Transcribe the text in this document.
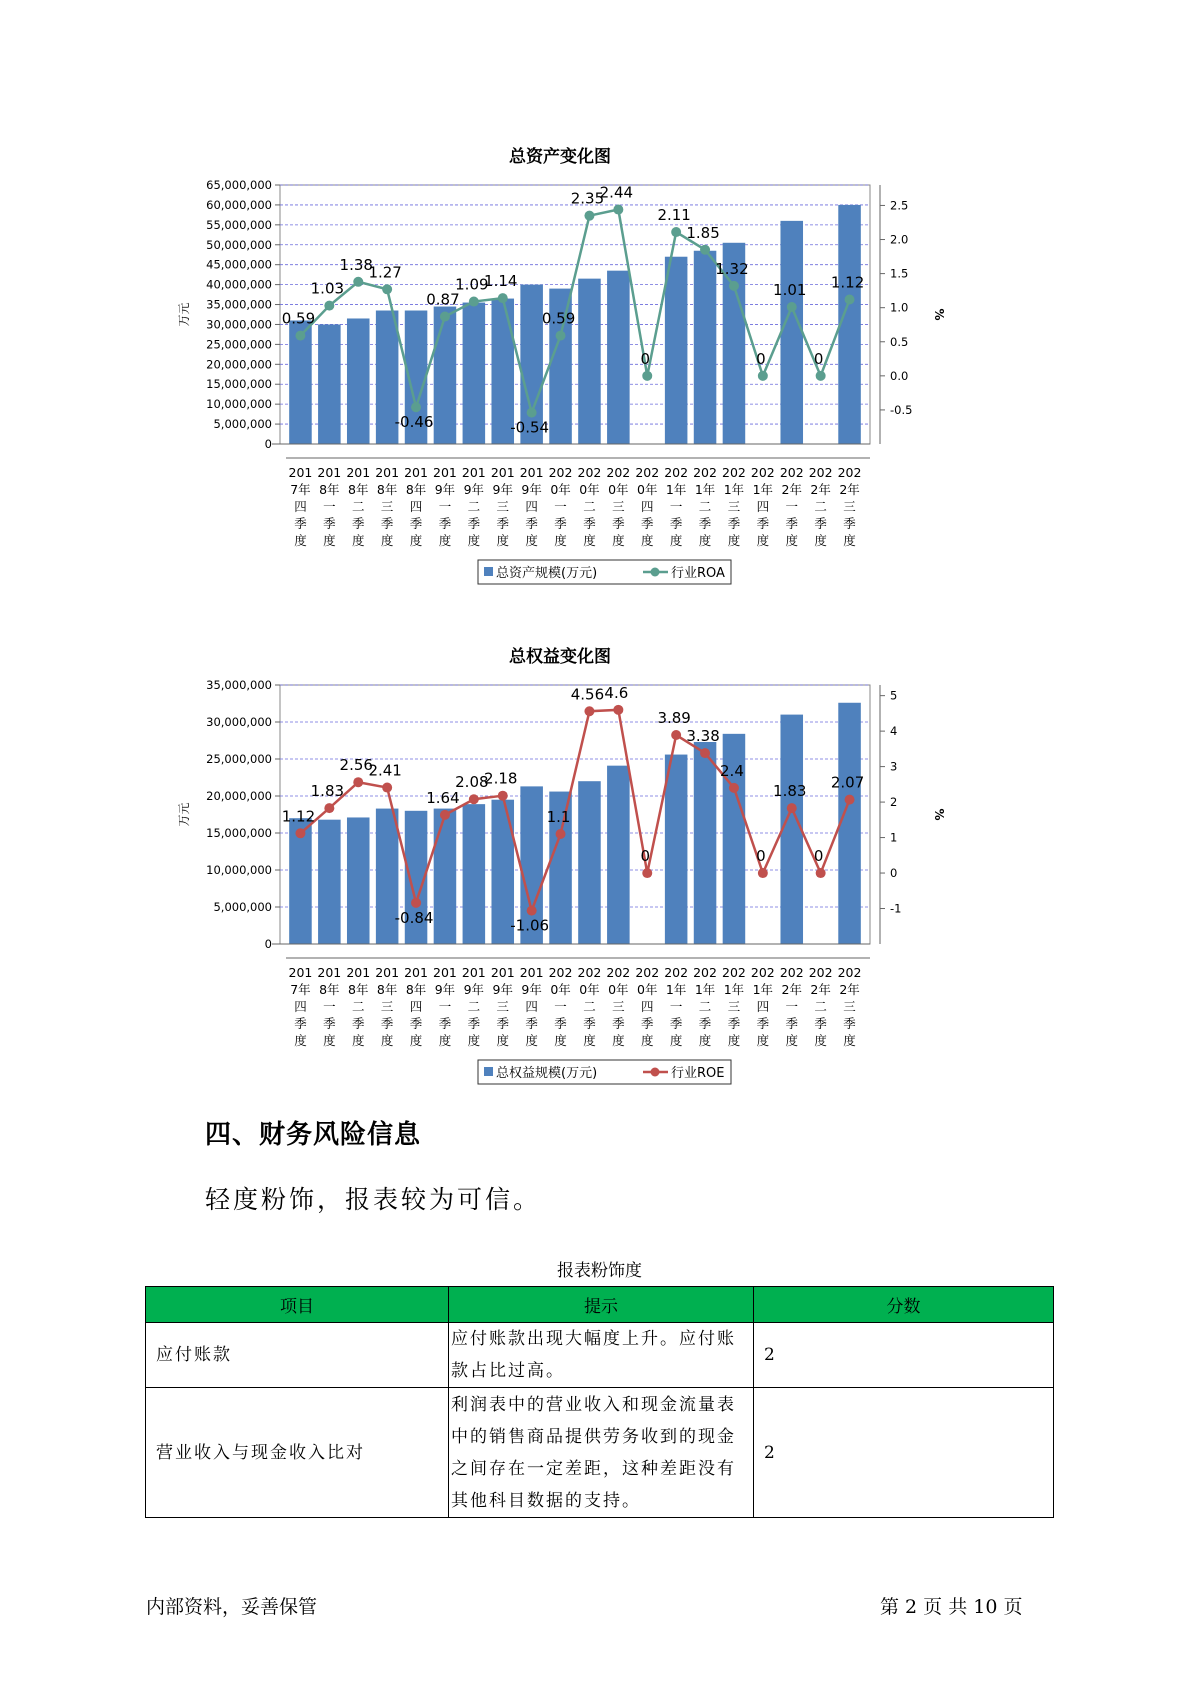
总资产变化图
0
5,000,000
10,000,000
15,000,000
20,000,000
25,000,000
30,000,000
35,000,000
40,000,000
45,000,000
50,000,000
55,000,000
60,000,000
65,000,000
-0.5
0.0
0.5
1.0
1.5
2.0
2.5
万元	%
0.59
1.03
1.38
1.27
-0.46
0.87
1.09
1.14
-0.54
0.59
2.35
2.44
0
2.11
1.85
1.32
0
1.01
0
1.12
201
7年
四
季
度
201
8年
一
季
度
201
8年
二
季
度
201
8年
三
季
度
201
8年
四
季
度
201
9年
一
季
度
201
9年
二
季
度
201
9年
三
季
度
201
9年
四
季
度
202
0年
一
季
度
202
0年
二
季
度
202
0年
三
季
度
202
0年
四
季
度
202
1年
一
季
度
202
1年
二
季
度
202
1年
三
季
度
202
1年
四
季
度
202
2年
一
季
度
202
2年
二
季
度
202
2年
三
季
度
总资产规模(万元)	行业ROA
总权益变化图
0
5,000,000
10,000,000
15,000,000
20,000,000
25,000,000
30,000,000
35,000,000
-1
0
1
2
3
4
5
万元	%
1.12
1.83
2.56
2.41
-0.84
1.64
2.08
2.18
-1.06
1.1
4.56 4.6
0
3.89
3.38
2.4
0
1.83
0
2.07
201
7年
四
季
度
201
8年
一
季
度
201
8年
二
季
度
201
8年
三
季
度
201
8年
四
季
度
201
9年
一
季
度
201
9年
二
季
度
201
9年
三
季
度
201
9年
四
季
度
202
0年
一
季
度
202
0年
二
季
度
202
0年
三
季
度
202
0年
四
季
度
202
1年
一
季
度
202
1年
二
季
度
202
1年
三
季
度
202
1年
四
季
度
202
2年
一
季
度
202
2年
二
季
度
202
2年
三
季
度
总权益规模(万元)	行业ROE
四、财务风险信息
轻度粉饰，报表较为可信。
报表粉饰度
项目	提示	分数
应付账款	应付账款出现大幅度上升。应付账款占比过高。	2
营业收入与现金收入比对	利润表中的营业收入和现金流量表中的销售商品提供劳务收到的现金之间存在一定差距，这种差距没有其他科目数据的支持。	2
内部资料，妥善保管	第 2 页 共 10 页
